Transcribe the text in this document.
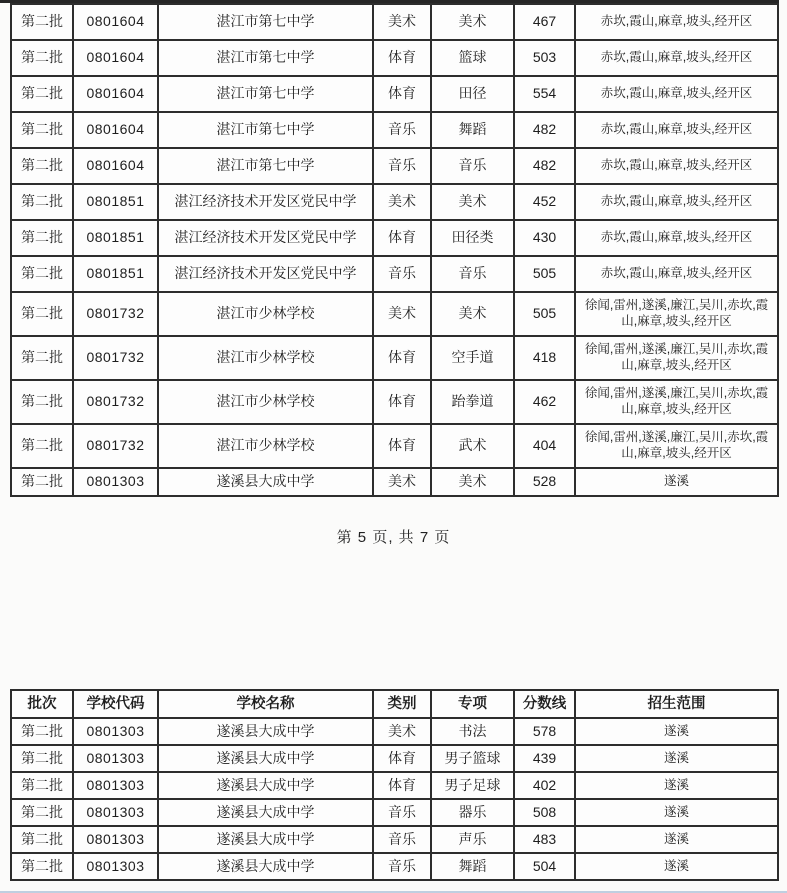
第二批	0801604	湛江市第七中学	美术	美术	467	赤坎,霞山,麻章,坡头,经开区
第二批	0801604	湛江市第七中学	体育	篮球	503	赤坎,霞山,麻章,坡头,经开区
第二批	0801604	湛江市第七中学	体育	田径	554	赤坎,霞山,麻章,坡头,经开区
第二批	0801604	湛江市第七中学	音乐	舞蹈	482	赤坎,霞山,麻章,坡头,经开区
第二批	0801604	湛江市第七中学	音乐	音乐	482	赤坎,霞山,麻章,坡头,经开区
第二批	0801851	湛江经济技术开发区党民中学	美术	美术	452	赤坎,霞山,麻章,坡头,经开区
第二批	0801851	湛江经济技术开发区党民中学	体育	田径类	430	赤坎,霞山,麻章,坡头,经开区
第二批	0801851	湛江经济技术开发区党民中学	音乐	音乐	505	赤坎,霞山,麻章,坡头,经开区
第二批	0801732	湛江市少林学校	美术	美术	505	徐闻,雷州,遂溪,廉江,吴川,赤坎,霞山,麻章,坡头,经开区
第二批	0801732	湛江市少林学校	体育	空手道	418	徐闻,雷州,遂溪,廉江,吴川,赤坎,霞山,麻章,坡头,经开区
第二批	0801732	湛江市少林学校	体育	跆拳道	462	徐闻,雷州,遂溪,廉江,吴川,赤坎,霞山,麻章,坡头,经开区
第二批	0801732	湛江市少林学校	体育	武术	404	徐闻,雷州,遂溪,廉江,吴川,赤坎,霞山,麻章,坡头,经开区
第二批	0801303	遂溪县大成中学	美术	美术	528	遂溪
第 5 页, 共 7 页
批次	学校代码	学校名称	类别	专项	分数线	招生范围
第二批	0801303	遂溪县大成中学	美术	书法	578	遂溪
第二批	0801303	遂溪县大成中学	体育	男子篮球	439	遂溪
第二批	0801303	遂溪县大成中学	体育	男子足球	402	遂溪
第二批	0801303	遂溪县大成中学	音乐	器乐	508	遂溪
第二批	0801303	遂溪县大成中学	音乐	声乐	483	遂溪
第二批	0801303	遂溪县大成中学	音乐	舞蹈	504	遂溪
